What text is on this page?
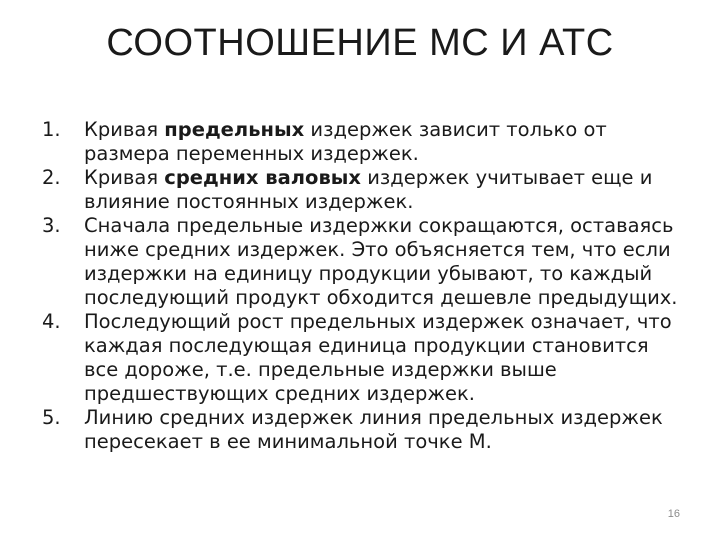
СООТНОШЕНИЕ МС И АТС
1.	Кривая предельных издержек зависит только от размера переменных издержек.
2.	Кривая средних валовых издержек учитывает еще и влияние постоянных издержек.
3.	Сначала предельные издержки сокращаются, оставаясь ниже средних издержек. Это объясняется тем, что если издержки на единицу продукции убывают, то каждый последующий продукт обходится дешевле предыдущих.
4.	Последующий рост предельных издержек означает, что каждая последующая единица продукции становится все дороже, т.е. предельные издержки выше предшествующих средних издержек.
5.	Линию средних издержек линия предельных издержек пересекает в ее минимальной точке М.
16
